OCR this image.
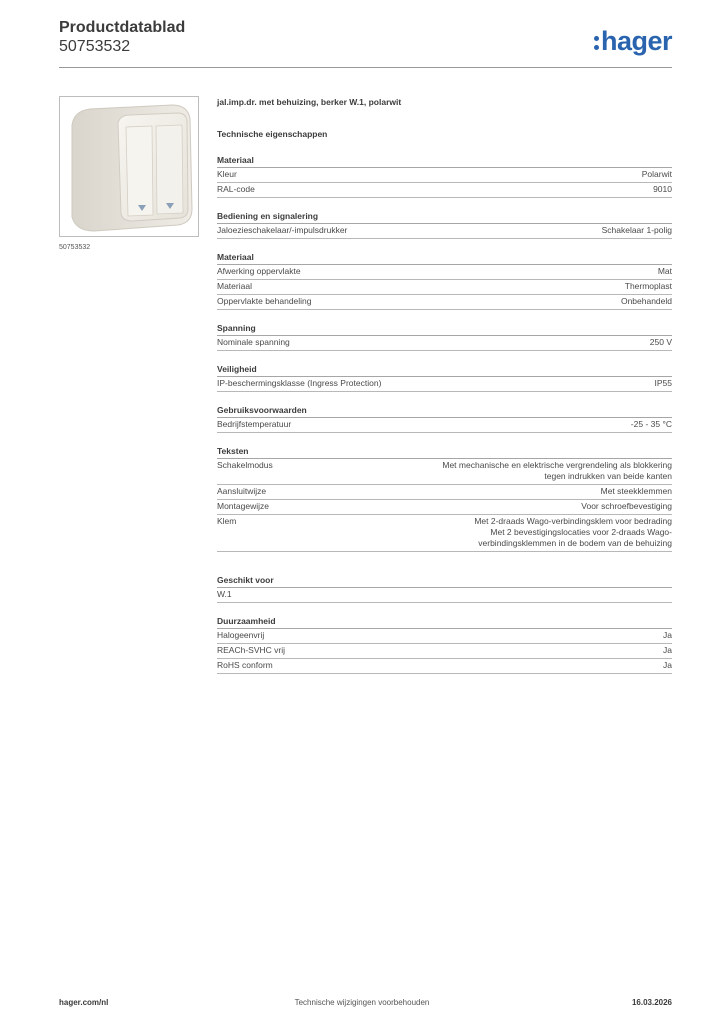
Productdatablad
50753532	hager
50753532
jal.imp.dr. met behuizing, berker W.1, polarwit
Technische eigenschappen
Materiaal
Kleur	Polarwit
RAL-code	9010
Bediening en signalering
Jaloezieschakelaar/-impulsdrukker	Schakelaar 1-polig
Materiaal
Afwerking oppervlakte	Mat
Materiaal	Thermoplast
Oppervlakte behandeling	Onbehandeld
Spanning
Nominale spanning	250 V
Veiligheid
IP-beschermingsklasse (Ingress Protection)	IP55
Gebruiksvoorwaarden
Bedrijfstemperatuur	-25 - 35 °C
Teksten
Schakelmodus	Met mechanische en elektrische vergrendeling als blokkering
tegen indrukken van beide kanten
Aansluitwijze	Met steekklemmen
Montagewijze	Voor schroefbevestiging
Klem	Met 2-draads Wago-verbindingsklem voor bedrading
Met 2 bevestigingslocaties voor 2-draads Wago-
verbindingsklemmen in de bodem van de behuizing
Geschikt voor
W.1
Duurzaamheid
Halogeenvrij	Ja
REACh-SVHC vrij	Ja
RoHS conform	Ja
hager.com/nl	Technische wijzigingen voorbehouden	16.03.2026
